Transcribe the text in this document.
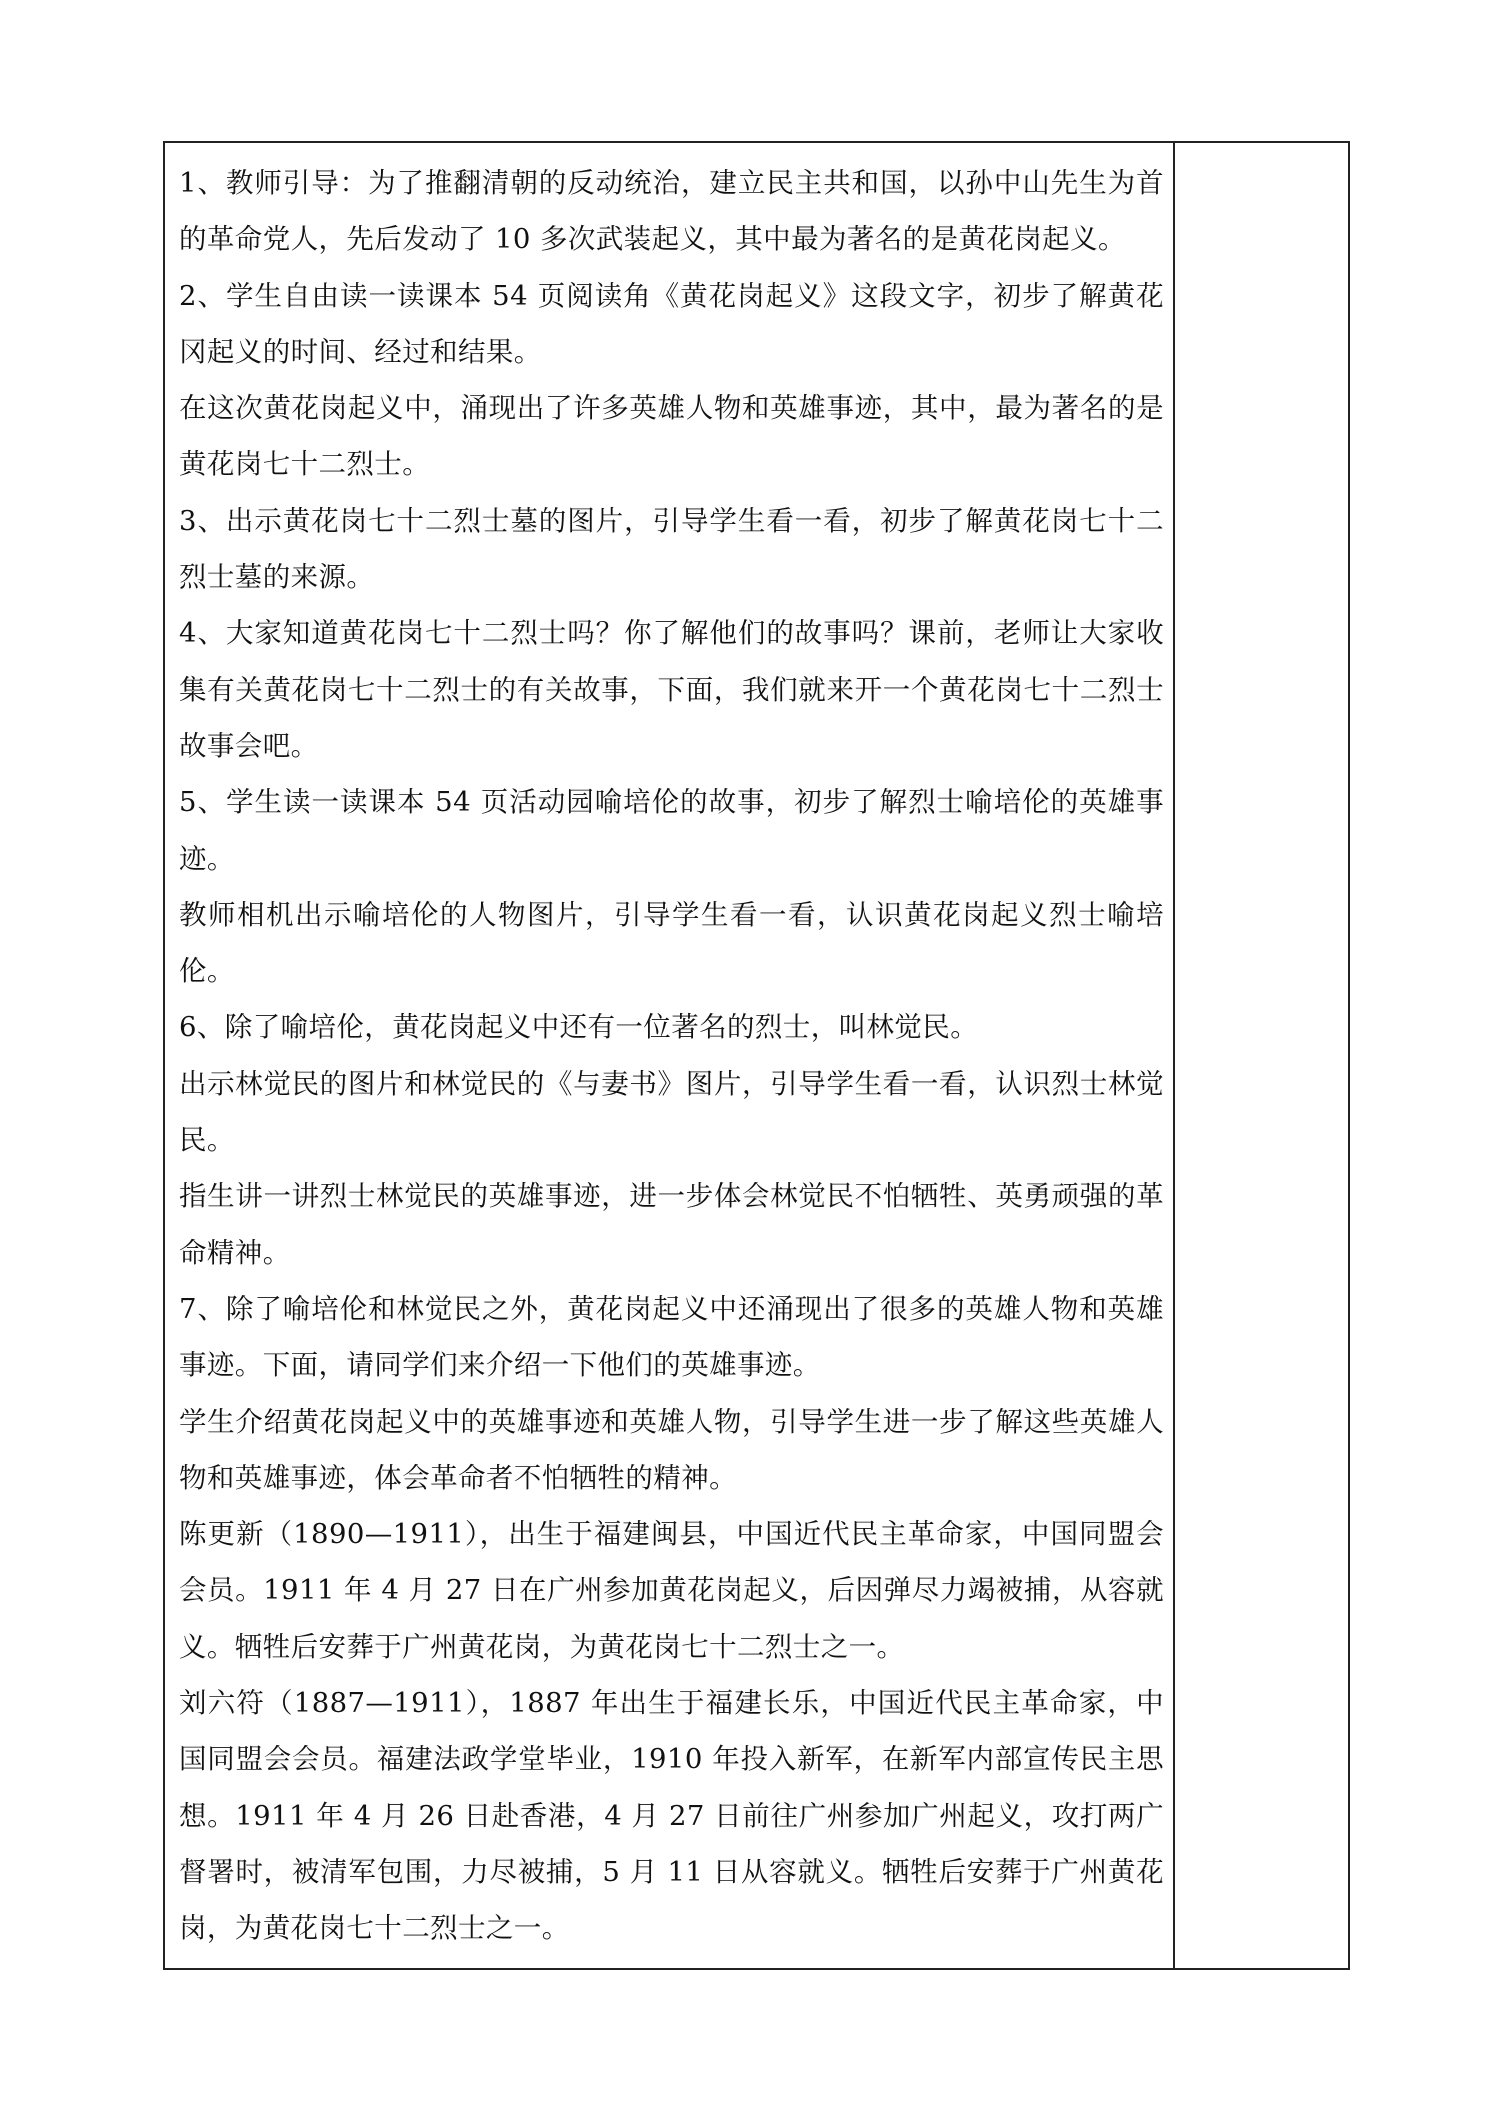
1、教师引导：为了推翻清朝的反动统治，建立民主共和国，以孙中山先生为首的革命党人，先后发动了 10 多次武装起义，其中最为著名的是黄花岗起义。

2、学生自由读一读课本 54 页阅读角《黄花岗起义》这段文字，初步了解黄花冈起义的时间、经过和结果。

在这次黄花岗起义中，涌现出了许多英雄人物和英雄事迹，其中，最为著名的是黄花岗七十二烈士。

3、出示黄花岗七十二烈士墓的图片，引导学生看一看，初步了解黄花岗七十二烈士墓的来源。

4、大家知道黄花岗七十二烈士吗？你了解他们的故事吗？课前，老师让大家收集有关黄花岗七十二烈士的有关故事，下面，我们就来开一个黄花岗七十二烈士故事会吧。

5、学生读一读课本 54 页活动园喻培伦的故事，初步了解烈士喻培伦的英雄事迹。

教师相机出示喻培伦的人物图片，引导学生看一看，认识黄花岗起义烈士喻培伦。

6、除了喻培伦，黄花岗起义中还有一位著名的烈士，叫林觉民。

出示林觉民的图片和林觉民的《与妻书》图片，引导学生看一看，认识烈士林觉民。

指生讲一讲烈士林觉民的英雄事迹，进一步体会林觉民不怕牺牲、英勇顽强的革命精神。

7、除了喻培伦和林觉民之外，黄花岗起义中还涌现出了很多的英雄人物和英雄事迹。下面，请同学们来介绍一下他们的英雄事迹。

学生介绍黄花岗起义中的英雄事迹和英雄人物，引导学生进一步了解这些英雄人物和英雄事迹，体会革命者不怕牺牲的精神。

陈更新（1890—1911），出生于福建闽县，中国近代民主革命家，中国同盟会会员。1911 年 4 月 27 日在广州参加黄花岗起义，后因弹尽力竭被捕，从容就义。牺牲后安葬于广州黄花岗，为黄花岗七十二烈士之一。

刘六符（1887—1911），1887 年出生于福建长乐，中国近代民主革命家，中国同盟会会员。福建法政学堂毕业，1910 年投入新军，在新军内部宣传民主思想。1911 年 4 月 26 日赴香港，4 月 27 日前往广州参加广州起义，攻打两广督署时，被清军包围，力尽被捕，5 月 11 日从容就义。牺牲后安葬于广州黄花岗，为黄花岗七十二烈士之一。
